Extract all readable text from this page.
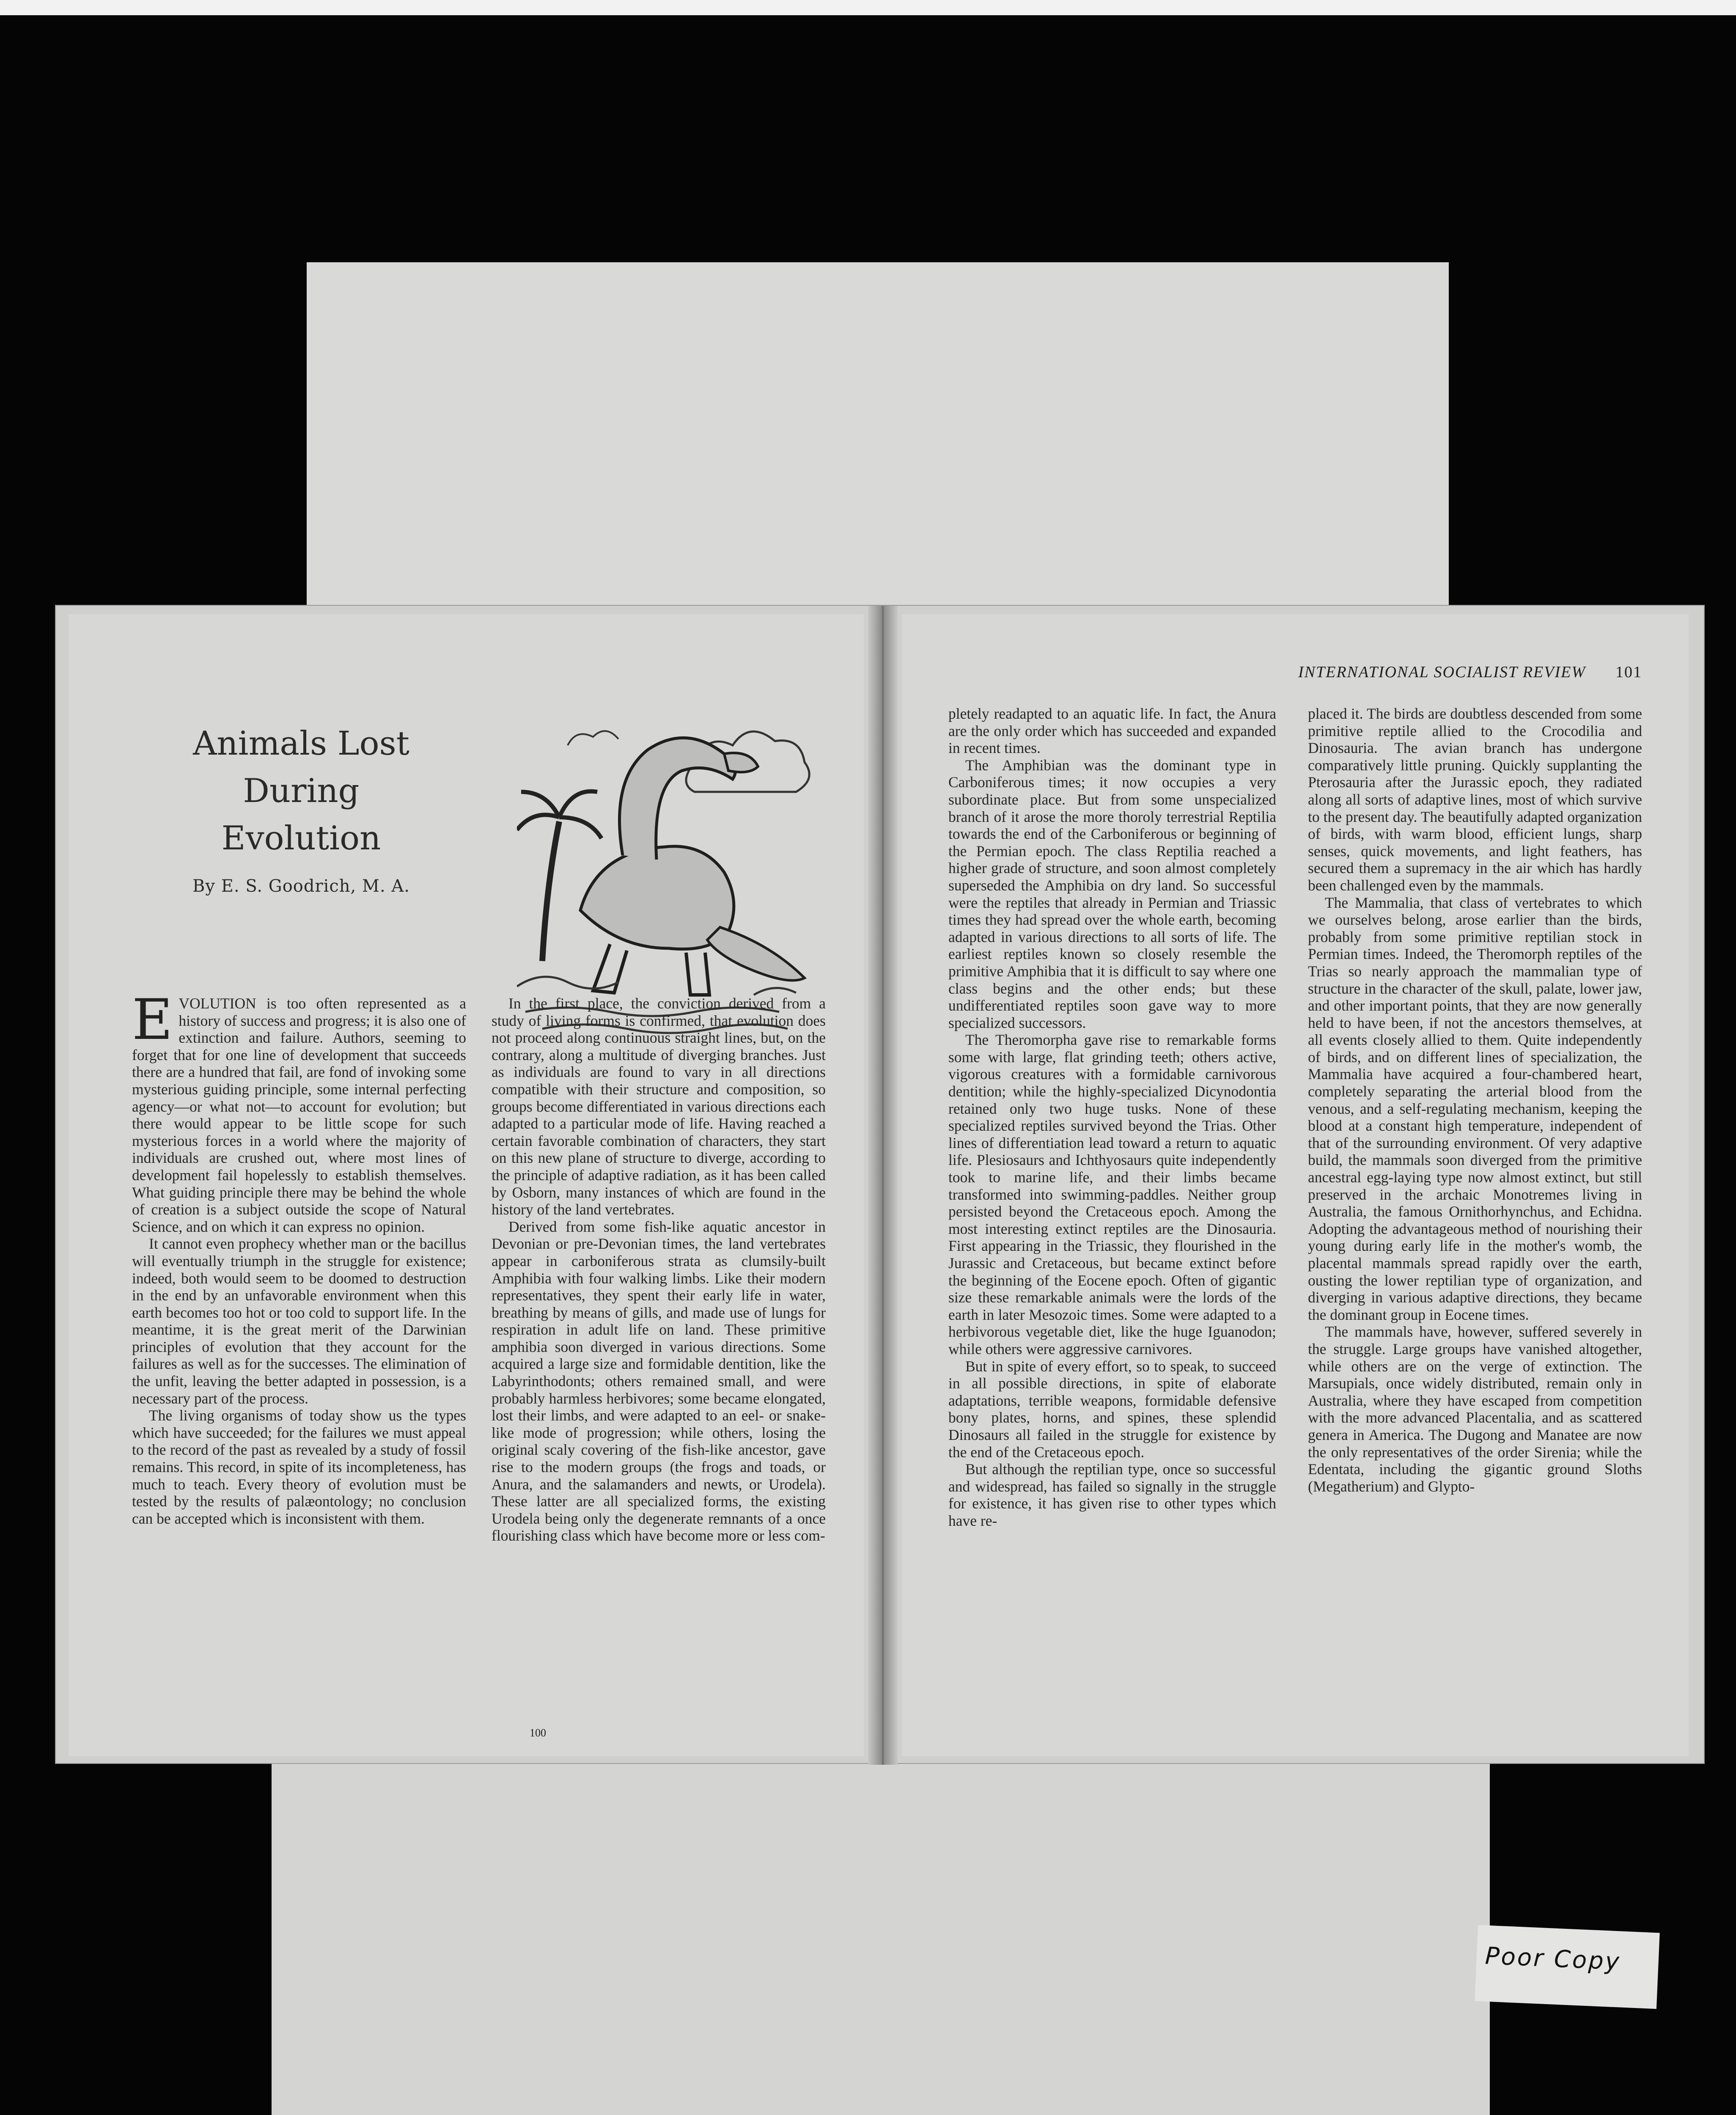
Animals Lost
During Evolution
By E. S. Goodrich, M. A.

EVOLUTION is too often represented as a history of success and progress; it is also one of extinction and failure. Authors, seeming to forget that for one line of development that succeeds there are a hundred that fail, are fond of invoking some mysterious guiding principle, some internal perfecting agency—or what not—to account for evolution; but there would appear to be little scope for such mysterious forces in a world where the majority of individuals are crushed out, where most lines of development fail hopelessly to establish themselves. What guiding principle there may be behind the whole of creation is a subject outside the scope of Natural Science, and on which it can express no opinion.

It cannot even prophecy whether man or the bacillus will eventually triumph in the struggle for existence; indeed, both would seem to be doomed to destruction in the end by an unfavorable environment when this earth becomes too hot or too cold to support life. In the meantime, it is the great merit of the Darwinian principles of evolution that they account for the failures as well as for the successes. The elimination of the unfit, leaving the better adapted in possession, is a necessary part of the process.

The living organisms of today show us the types which have succeeded; for the failures we must appeal to the record of the past as revealed by a study of fossil remains. This record, in spite of its incompleteness, has much to teach. Every theory of evolution must be tested by the results of palæontology; no conclusion can be accepted which is inconsistent with them.

In the first place, the conviction derived from a study of living forms is confirmed, that evolution does not proceed along continuous straight lines, but, on the contrary, along a multitude of diverging branches. Just as individuals are found to vary in all directions compatible with their structure and composition, so groups become differentiated in various directions each adapted to a particular mode of life. Having reached a certain favorable combination of characters, they start on this new plane of structure to diverge, according to the principle of adaptive radiation, as it has been called by Osborn, many instances of which are found in the history of the land vertebrates.

Derived from some fish-like aquatic ancestor in Devonian or pre-Devonian times, the land vertebrates appear in carboniferous strata as clumsily-built Amphibia with four walking limbs. Like their modern representatives, they spent their early life in water, breathing by means of gills, and made use of lungs for respiration in adult life on land. These primitive amphibia soon diverged in various directions. Some acquired a large size and formidable dentition, like the Labyrinthodonts; others remained small, and were probably harmless herbivores; some became elongated, lost their limbs, and were adapted to an eel- or snake-like mode of progression; while others, losing the original scaly covering of the fish-like ancestor, gave rise to the modern groups (the frogs and toads, or Anura, and the salamanders and newts, or Urodela). These latter are all specialized forms, the existing Urodela being only the degenerate remnants of a once flourishing class which have become more or less com-

100
INTERNATIONAL SOCIALIST REVIEW 101

pletely readapted to an aquatic life. In fact, the Anura are the only order which has succeeded and expanded in recent times.

The Amphibian was the dominant type in Carboniferous times; it now occupies a very subordinate place. But from some unspecialized branch of it arose the more thoroly terrestrial Reptilia towards the end of the Carboniferous or beginning of the Permian epoch. The class Reptilia reached a higher grade of structure, and soon almost completely superseded the Amphibia on dry land. So successful were the reptiles that already in Permian and Triassic times they had spread over the whole earth, becoming adapted in various directions to all sorts of life. The earliest reptiles known so closely resemble the primitive Amphibia that it is difficult to say where one class begins and the other ends; but these undifferentiated reptiles soon gave way to more specialized successors.

The Theromorpha gave rise to remarkable forms some with large, flat grinding teeth; others active, vigorous creatures with a formidable carnivorous dentition; while the highly-specialized Dicynodontia retained only two huge tusks. None of these specialized reptiles survived beyond the Trias. Other lines of differentiation lead toward a return to aquatic life. Plesiosaurs and Ichthyosaurs quite independently took to marine life, and their limbs became transformed into swimming-paddles. Neither group persisted beyond the Cretaceous epoch. Among the most interesting extinct reptiles are the Dinosauria. First appearing in the Triassic, they flourished in the Jurassic and Cretaceous, but became extinct before the beginning of the Eocene epoch. Often of gigantic size these remarkable animals were the lords of the earth in later Mesozoic times. Some were adapted to a herbivorous vegetable diet, like the huge Iguanodon; while others were aggressive carnivores.

But in spite of every effort, so to speak, to succeed in all possible directions, in spite of elaborate adaptations, terrible weapons, formidable defensive bony plates, horns, and spines, these splendid Dinosaurs all failed in the struggle for existence by the end of the Cretaceous epoch.

But although the reptilian type, once so successful and widespread, has failed so signally in the struggle for existence, it has given rise to other types which have re-

placed it. The birds are doubtless descended from some primitive reptile allied to the Crocodilia and Dinosauria. The avian branch has undergone comparatively little pruning. Quickly supplanting the Pterosauria after the Jurassic epoch, they radiated along all sorts of adaptive lines, most of which survive to the present day. The beautifully adapted organization of birds, with warm blood, efficient lungs, sharp senses, quick movements, and light feathers, has secured them a supremacy in the air which has hardly been challenged even by the mammals.

The Mammalia, that class of vertebrates to which we ourselves belong, arose earlier than the birds, probably from some primitive reptilian stock in Permian times. Indeed, the Theromorph reptiles of the Trias so nearly approach the mammalian type of structure in the character of the skull, palate, lower jaw, and other important points, that they are now generally held to have been, if not the ancestors themselves, at all events closely allied to them. Quite independently of birds, and on different lines of specialization, the Mammalia have acquired a four-chambered heart, completely separating the arterial blood from the venous, and a self-regulating mechanism, keeping the blood at a constant high temperature, independent of that of the surrounding environment. Of very adaptive build, the mammals soon diverged from the primitive ancestral egg-laying type now almost extinct, but still preserved in the archaic Monotremes living in Australia, the famous Ornithorhynchus, and Echidna. Adopting the advantageous method of nourishing their young during early life in the mother's womb, the placental mammals spread rapidly over the earth, ousting the lower reptilian type of organization, and diverging in various adaptive directions, they became the dominant group in Eocene times.

The mammals have, however, suffered severely in the struggle. Large groups have vanished altogether, while others are on the verge of extinction. The Marsupials, once widely distributed, remain only in Australia, where they have escaped from competition with the more advanced Placentalia, and as scattered genera in America. The Dugong and Manatee are now the only representatives of the order Sirenia; while the Edentata, including the gigantic ground Sloths (Megatherium) and Glypto-

Poor Copy
